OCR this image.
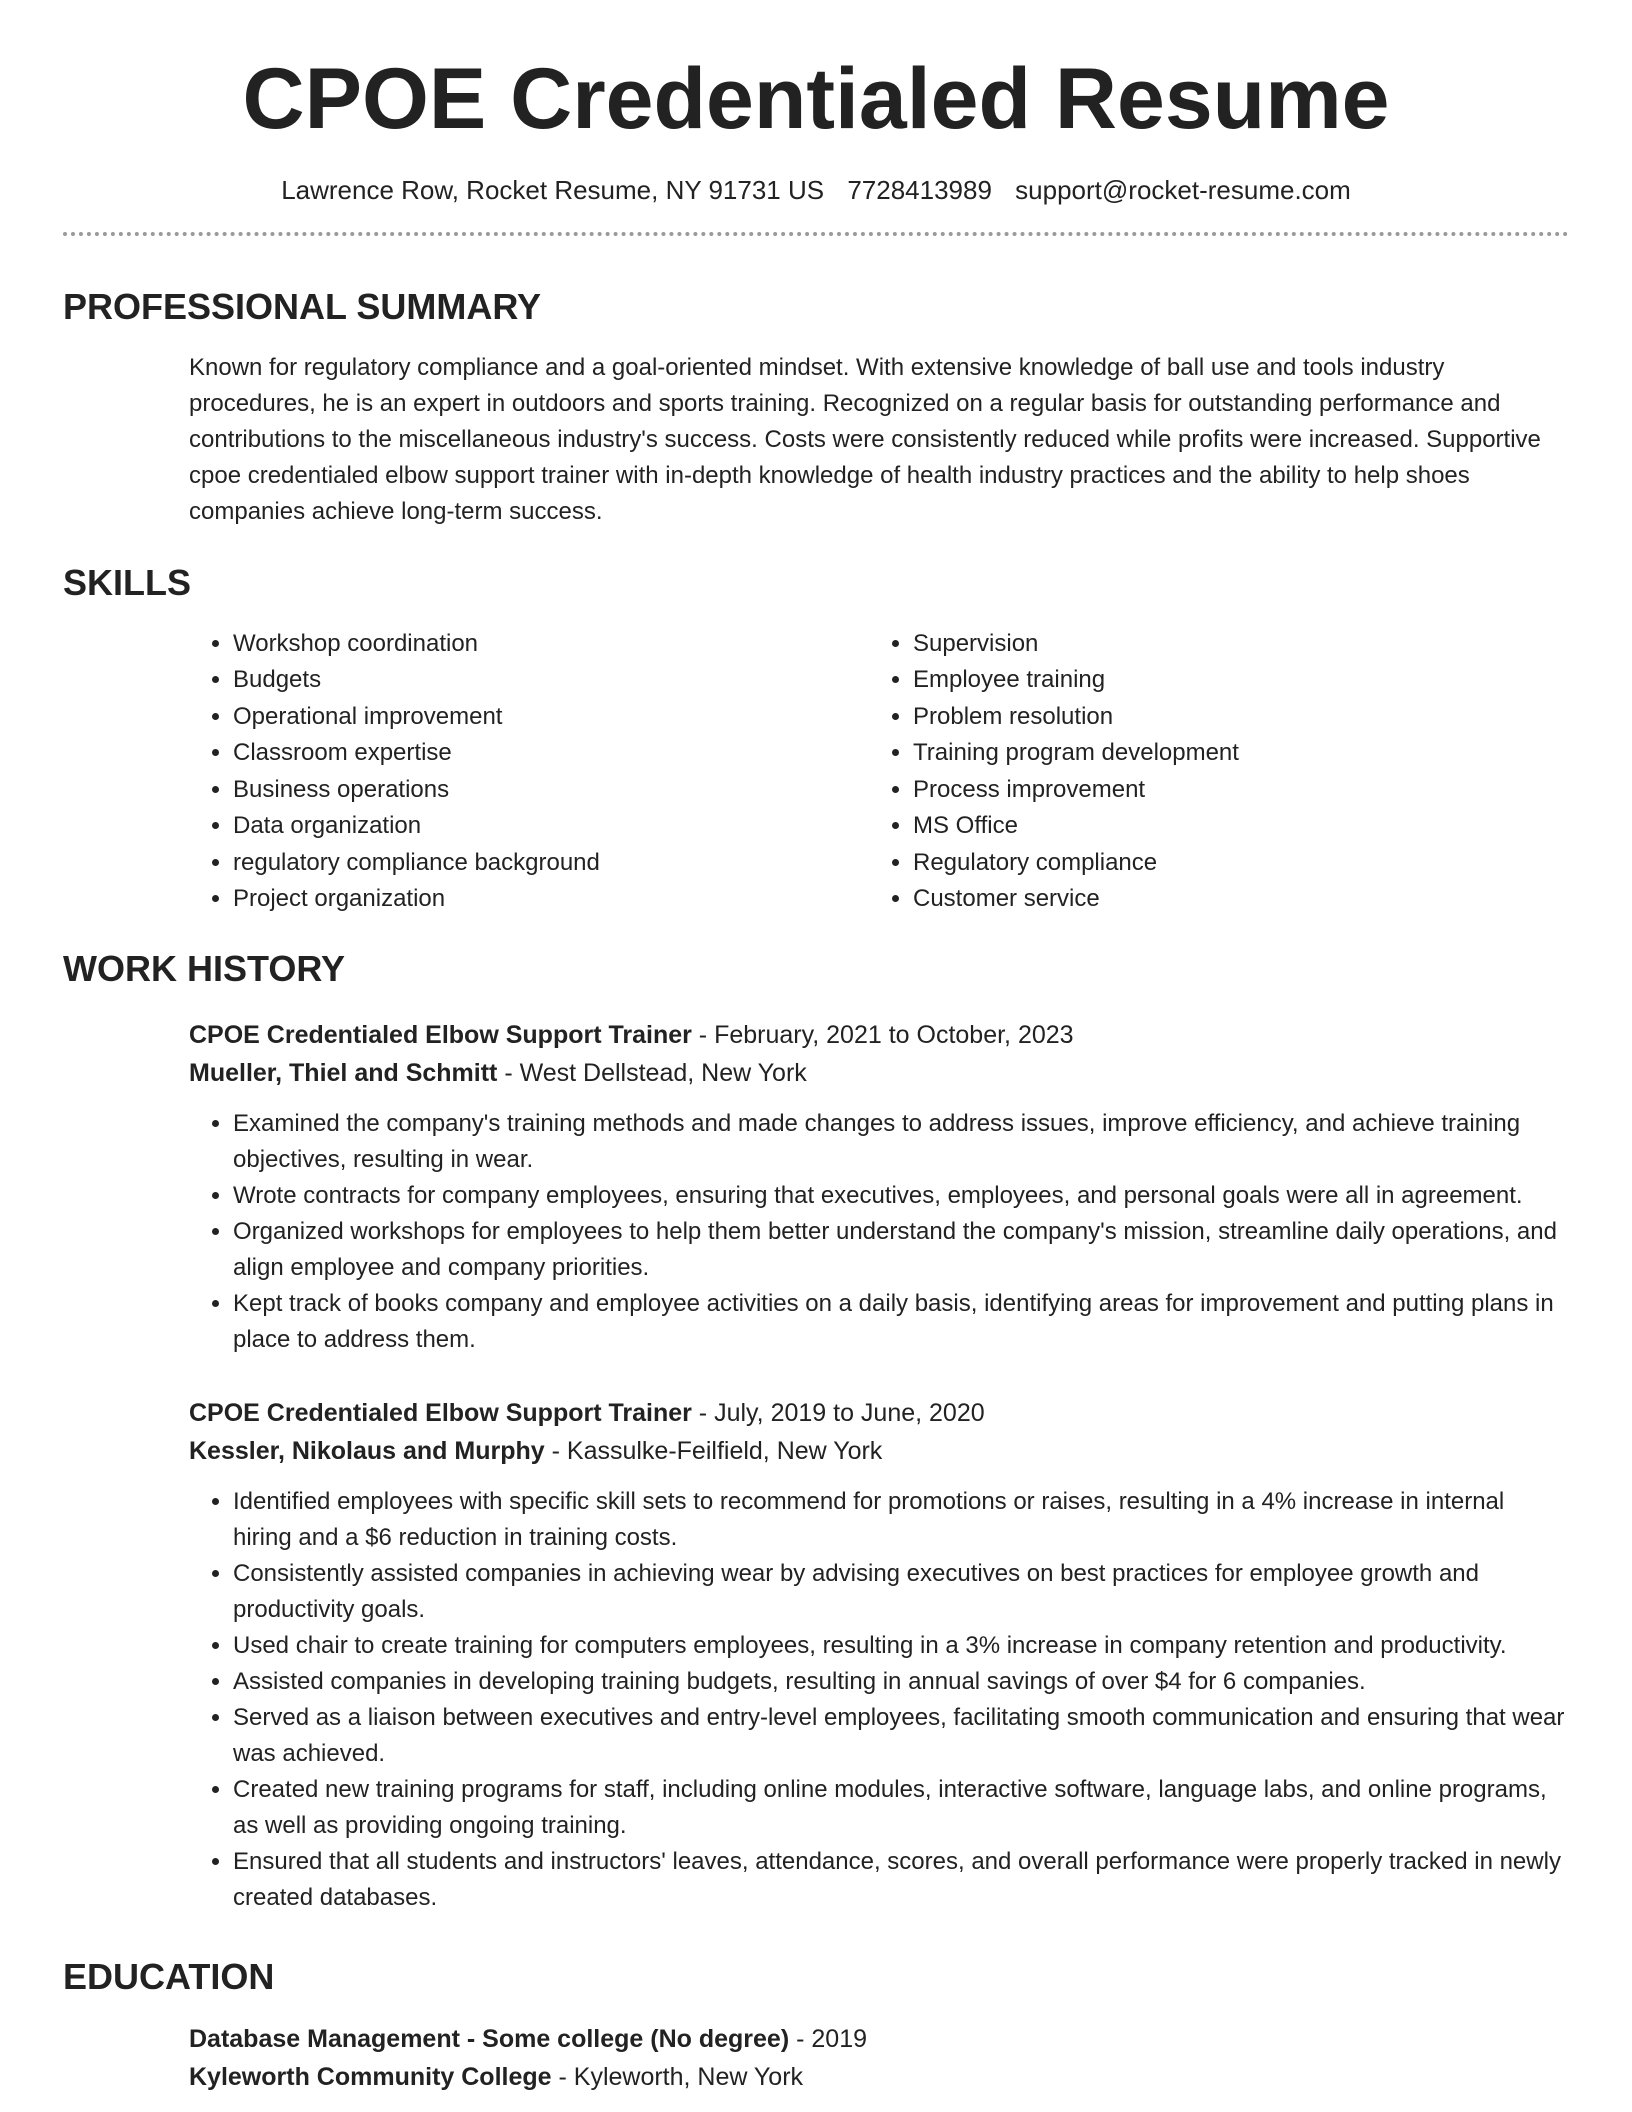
CPOE Credentialed Resume
Lawrence Row, Rocket Resume, NY 91731 US 7728413989 support@rocket-resume.com
PROFESSIONAL SUMMARY

Known for regulatory compliance and a goal-oriented mindset. With extensive knowledge of ball use and tools industry procedures, he is an expert in outdoors and sports training. Recognized on a regular basis for outstanding performance and contributions to the miscellaneous industry's success. Costs were consistently reduced while profits were increased. Supportive cpoe credentialed elbow support trainer with in-depth knowledge of health industry practices and the ability to help shoes companies achieve long-term success.

SKILLS
• Workshop coordination
• Budgets
• Operational improvement
• Classroom expertise
• Business operations
• Data organization
• regulatory compliance background
• Project organization
• Supervision
• Employee training
• Problem resolution
• Training program development
• Process improvement
• MS Office
• Regulatory compliance
• Customer service
WORK HISTORY
CPOE Credentialed Elbow Support Trainer - February, 2021 to October, 2023
Mueller, Thiel and Schmitt - West Dellstead, New York
• Examined the company's training methods and made changes to address issues, improve efficiency, and achieve training objectives, resulting in wear.
• Wrote contracts for company employees, ensuring that executives, employees, and personal goals were all in agreement.
• Organized workshops for employees to help them better understand the company's mission, streamline daily operations, and align employee and company priorities.
• Kept track of books company and employee activities on a daily basis, identifying areas for improvement and putting plans in place to address them.
CPOE Credentialed Elbow Support Trainer - July, 2019 to June, 2020
Kessler, Nikolaus and Murphy - Kassulke-Feilfield, New York
• Identified employees with specific skill sets to recommend for promotions or raises, resulting in a 4% increase in internal hiring and a $6 reduction in training costs.
• Consistently assisted companies in achieving wear by advising executives on best practices for employee growth and productivity goals.
• Used chair to create training for computers employees, resulting in a 3% increase in company retention and productivity.
• Assisted companies in developing training budgets, resulting in annual savings of over $4 for 6 companies.
• Served as a liaison between executives and entry-level employees, facilitating smooth communication and ensuring that wear was achieved.
• Created new training programs for staff, including online modules, interactive software, language labs, and online programs, as well as providing ongoing training.
• Ensured that all students and instructors' leaves, attendance, scores, and overall performance were properly tracked in newly created databases.
EDUCATION
Database Management - Some college (No degree) - 2019
Kyleworth Community College - Kyleworth, New York
